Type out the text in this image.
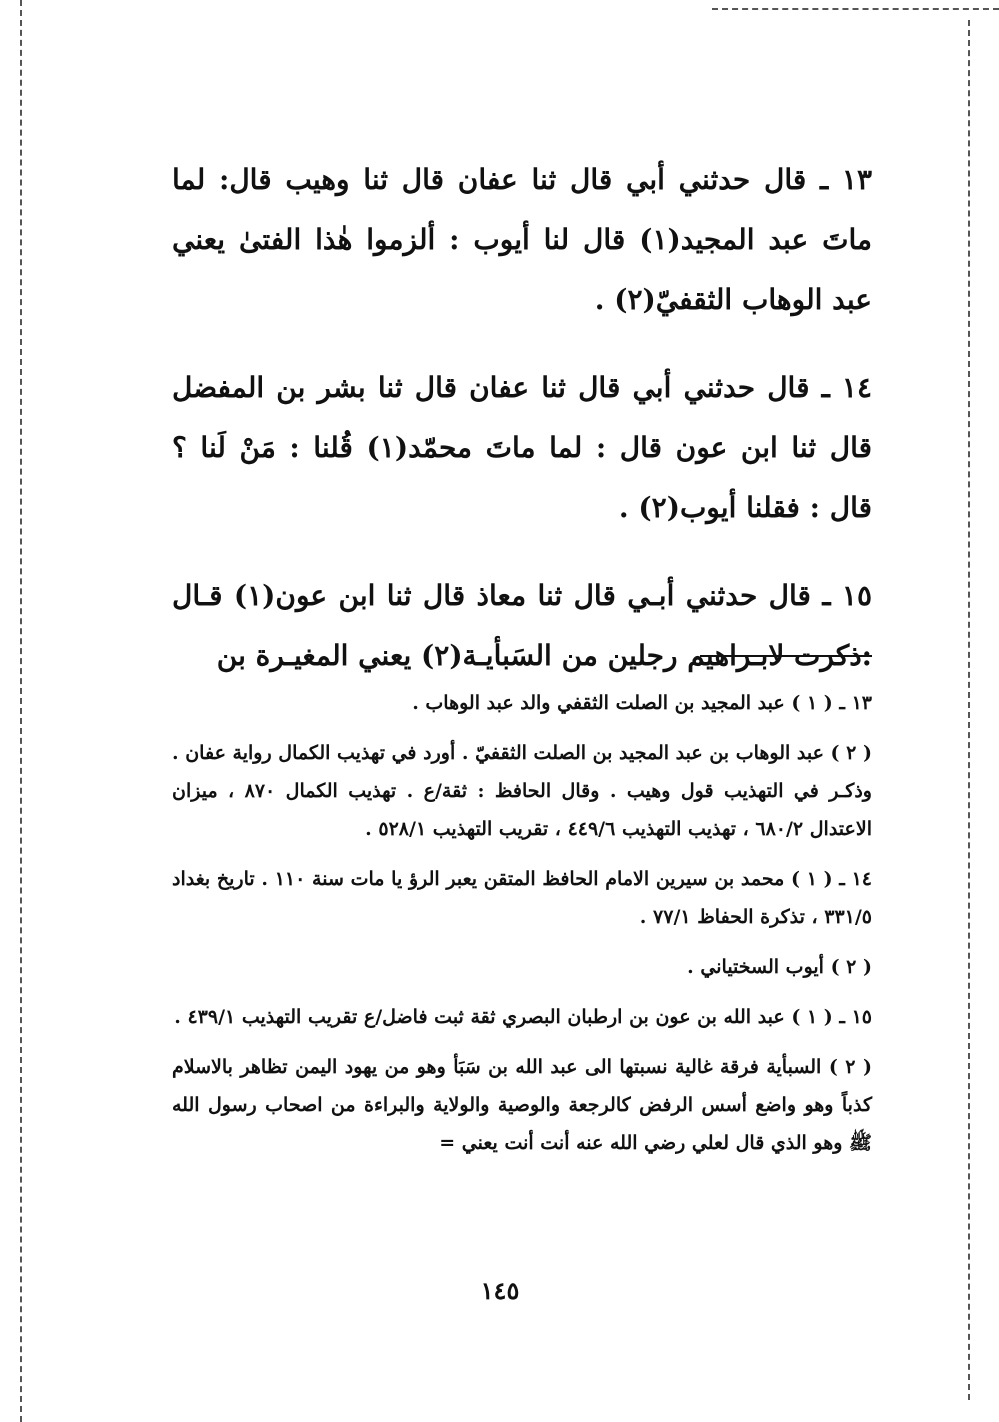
١٣ ـ قال حدثني أبي قال ثنا عفان قال ثنا وهيب قال: لما ماتَ عبد المجيد(١) قال لنا أيوب : ألزموا هٰذا الفتىٰ يعني عبد الوهاب الثقفيّ(٢) .

١٤ ـ قال حدثني أبي قال ثنا عفان قال ثنا بشر بن المفضل قال ثنا ابن عون قال : لما ماتَ محمّد(١) قُلنا : مَنْ لَنا ؟ قال : فقلنا أيوب(٢) .

١٥ ـ قال حدثني أبـي قال ثنا معاذ قال ثنا ابن عون(١) قـال :ذكرت لابـراهيم رجلين من السَبأيـة(٢) يعني المغيـرة بن

١٣ ـ ( ١ ) عبد المجيد بن الصلت الثقفي والد عبد الوهاب .

( ٢ ) عبد الوهاب بن عبد المجيد بن الصلت الثقفيّ . أورد في تهذيب الكمال رواية عفان . وذكـر في التهذيب قول وهيب . وقال الحافظ : ثقة/ع . تهذيب الكمال ٨٧٠ ، ميزان الاعتدال ٦٨٠/٢ ، تهذيب التهذيب ٤٤٩/٦ ، تقريب التهذيب ٥٢٨/١ .

١٤ ـ ( ١ ) محمد بن سيرين الامام الحافظ المتقن يعبر الرؤ يا مات سنة ١١٠ . تاريخ بغداد ٣٣١/٥ ، تذكرة الحفاظ ٧٧/١ .

( ٢ ) أيوب السختياني .

١٥ ـ ( ١ ) عبد الله بن عون بن ارطبان البصري ثقة ثبت فاضل/ع تقريب التهذيب ٤٣٩/١ .

( ٢ ) السبأية فرقة غالية نسبتها الى عبد الله بن سَبَأ وهو من يهود اليمن تظاهر بالاسلام كذباً وهو واضع أسس الرفض كالرجعة والوصية والولاية والبراءة من اصحاب رسول الله ﷺ وهو الذي قال لعلي رضي الله عنه أنت أنت يعني =

١٤٥
